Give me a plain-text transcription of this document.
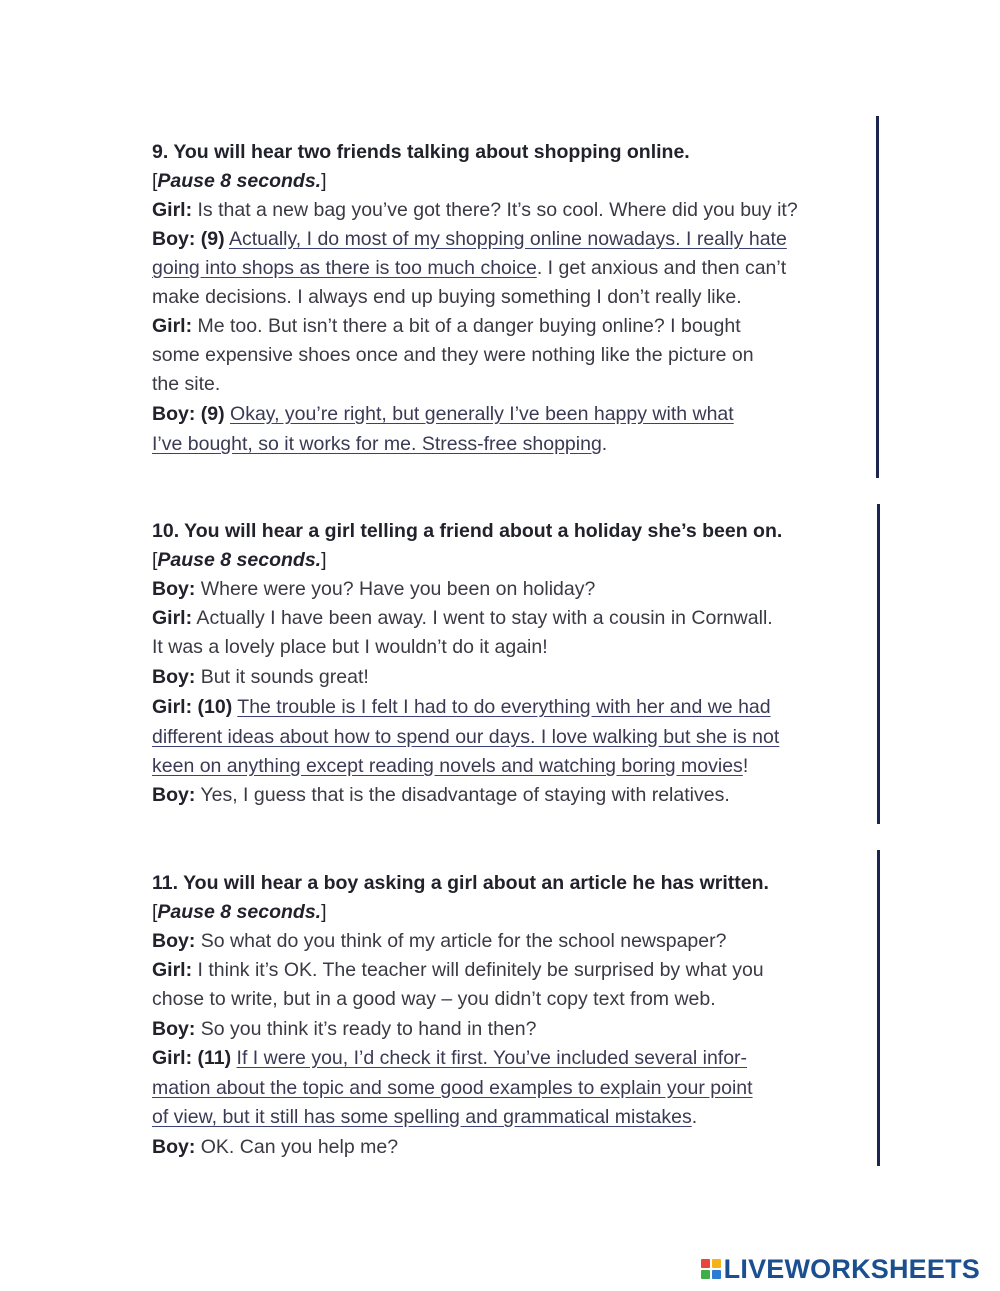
9. You will hear two friends talking about shopping online.
[Pause 8 seconds.]
Girl: Is that a new bag you’ve got there? It’s so cool. Where did you buy it?
Boy: (9) Actually, I do most of my shopping online nowadays. I really hate
going into shops as there is too much choice. I get anxious and then can’t
make decisions. I always end up buying something I don’t really like.
Girl: Me too. But isn’t there a bit of a danger buying online? I bought
some expensive shoes once and they were nothing like the picture on
the site.
Boy: (9) Okay, you’re right, but generally I’ve been happy with what
I’ve bought, so it works for me. Stress-free shopping.
10. You will hear a girl telling a friend about a holiday she’s been on.
[Pause 8 seconds.]
Boy: Where were you? Have you been on holiday?
Girl: Actually I have been away. I went to stay with a cousin in Cornwall.
It was a lovely place but I wouldn’t do it again!
Boy: But it sounds great!
Girl: (10) The trouble is I felt I had to do everything with her and we had
different ideas about how to spend our days. I love walking but she is not
keen on anything except reading novels and watching boring movies!
Boy: Yes, I guess that is the disadvantage of staying with relatives.
11. You will hear a boy asking a girl about an article he has written.
[Pause 8 seconds.]
Boy: So what do you think of my article for the school newspaper?
Girl: I think it’s OK. The teacher will definitely be surprised by what you
chose to write, but in a good way – you didn’t copy text from web.
Boy: So you think it’s ready to hand in then?
Girl: (11) If I were you, I’d check it first. You’ve included several infor-
mation about the topic and some good examples to explain your point
of view, but it still has some spelling and grammatical mistakes.
Boy: OK. Can you help me?
LIVEWORKSHEETS
